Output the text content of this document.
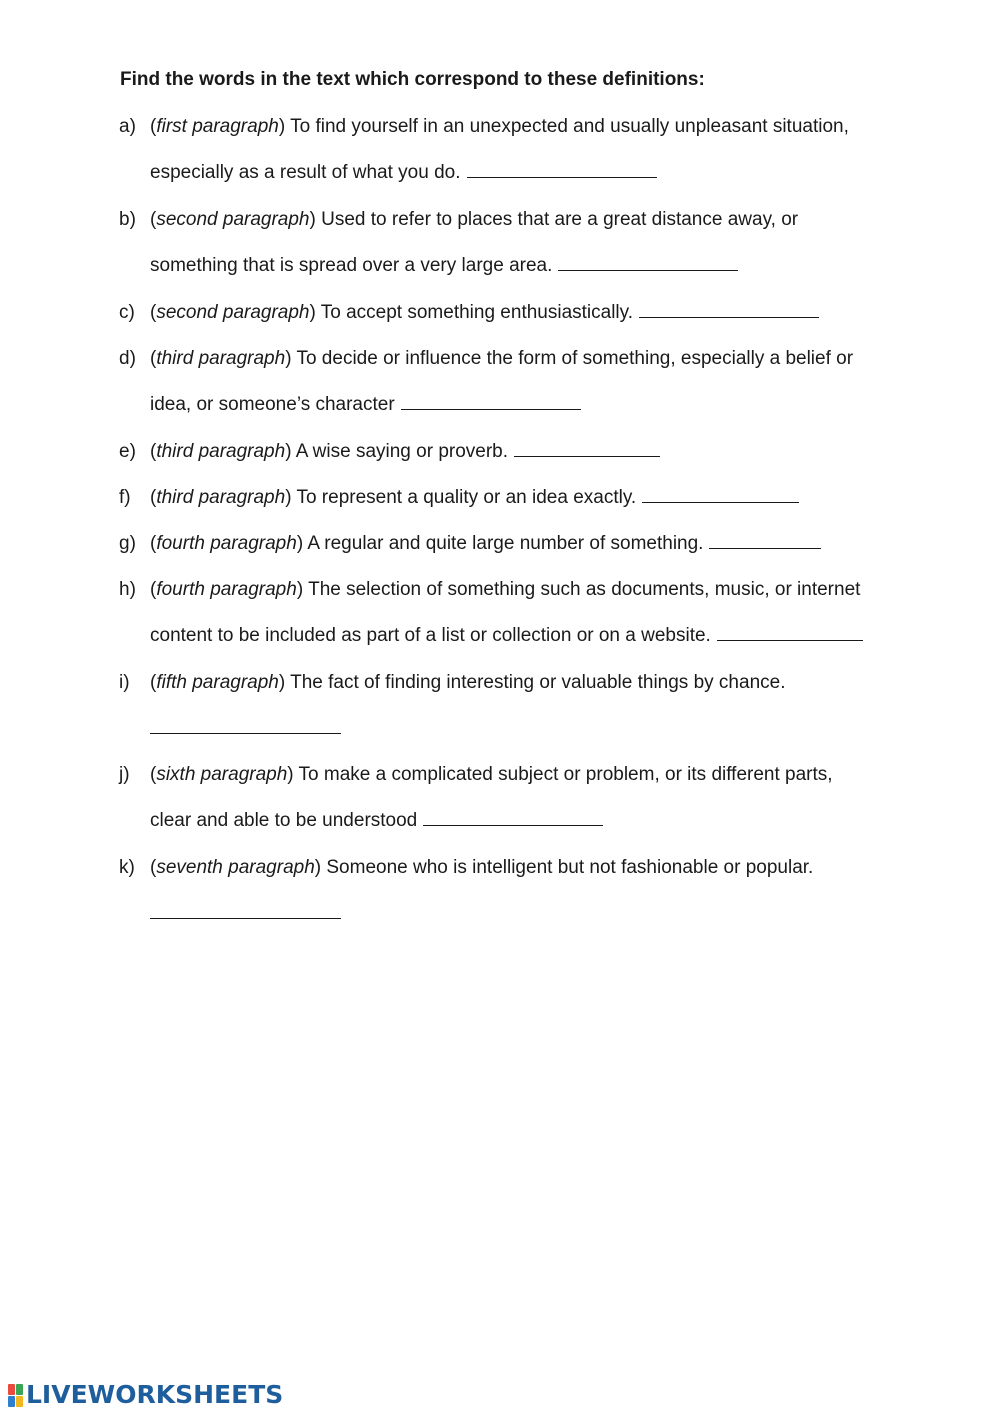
Find the words in the text which correspond to these definitions:
a) (first paragraph) To find yourself in an unexpected and usually unpleasant situation,
especially as a result of what you do.
b) (second paragraph) Used to refer to places that are a great distance away, or
something that is spread over a very large area.
c) (second paragraph) To accept something enthusiastically.
d) (third paragraph) To decide or influence the form of something, especially a belief or
idea, or someone’s character
e) (third paragraph) A wise saying or proverb.
f) (third paragraph) To represent a quality or an idea exactly.
g) (fourth paragraph) A regular and quite large number of something.
h) (fourth paragraph) The selection of something such as documents, music, or internet
content to be included as part of a list or collection or on a website.
i) (fifth paragraph) The fact of finding interesting or valuable things by chance.
j) (sixth paragraph) To make a complicated subject or problem, or its different parts,
clear and able to be understood
k) (seventh paragraph) Someone who is intelligent but not fashionable or popular.
LIVEWORKSHEETS
